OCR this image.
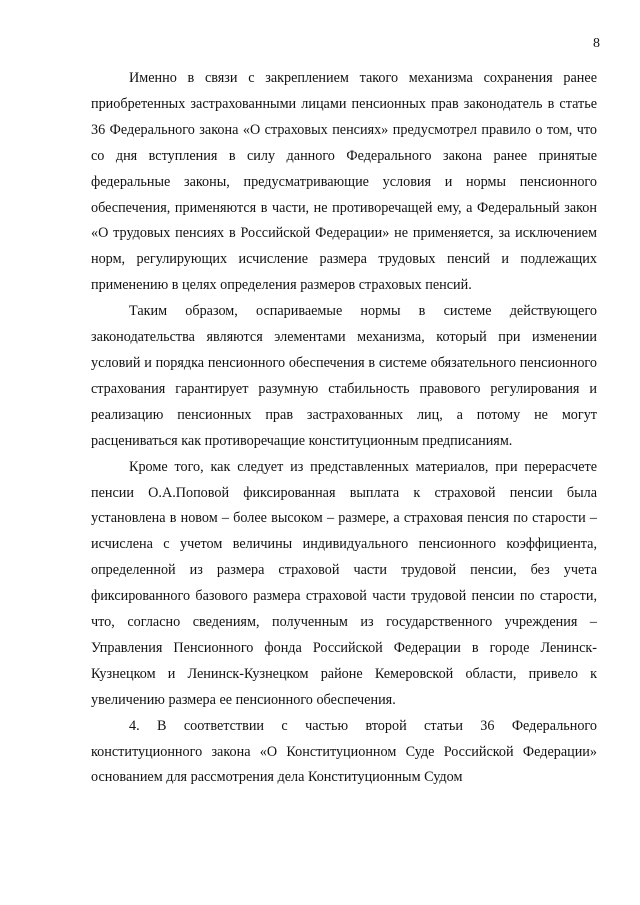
8

Именно в связи с закреплением такого механизма сохранения ранее приобретенных застрахованными лицами пенсионных прав законодатель в статье 36 Федерального закона «О страховых пенсиях» предусмотрел правило о том, что со дня вступления в силу данного Федерального закона ранее принятые федеральные законы, предусматривающие условия и нормы пенсионного обеспечения, применяются в части, не противоречащей ему, а Федеральный закон «О трудовых пенсиях в Российской Федерации» не применяется, за исключением норм, регулирующих исчисление размера трудовых пенсий и подлежащих применению в целях определения размеров страховых пенсий.

Таким образом, оспариваемые нормы в системе действующего законодательства являются элементами механизма, который при изменении условий и порядка пенсионного обеспечения в системе обязательного пенсионного страхования гарантирует разумную стабильность правового регулирования и реализацию пенсионных прав застрахованных лиц, а потому не могут расцениваться как противоречащие конституционным предписаниям.

Кроме того, как следует из представленных материалов, при перерасчете пенсии О.А.Поповой фиксированная выплата к страховой пенсии была установлена в новом – более высоком – размере, а страховая пенсия по старости – исчислена с учетом величины индивидуального пенсионного коэффициента, определенной из размера страховой части трудовой пенсии, без учета фиксированного базового размера страховой части трудовой пенсии по старости, что, согласно сведениям, полученным из государственного учреждения – Управления Пенсионного фонда Российской Федерации в городе Ленинск-Кузнецком и Ленинск-Кузнецком районе Кемеровской области, привело к увеличению размера ее пенсионного обеспечения.

4. В соответствии с частью второй статьи 36 Федерального конституционного закона «О Конституционном Суде Российской Федерации» основанием для рассмотрения дела Конституционным Судом
